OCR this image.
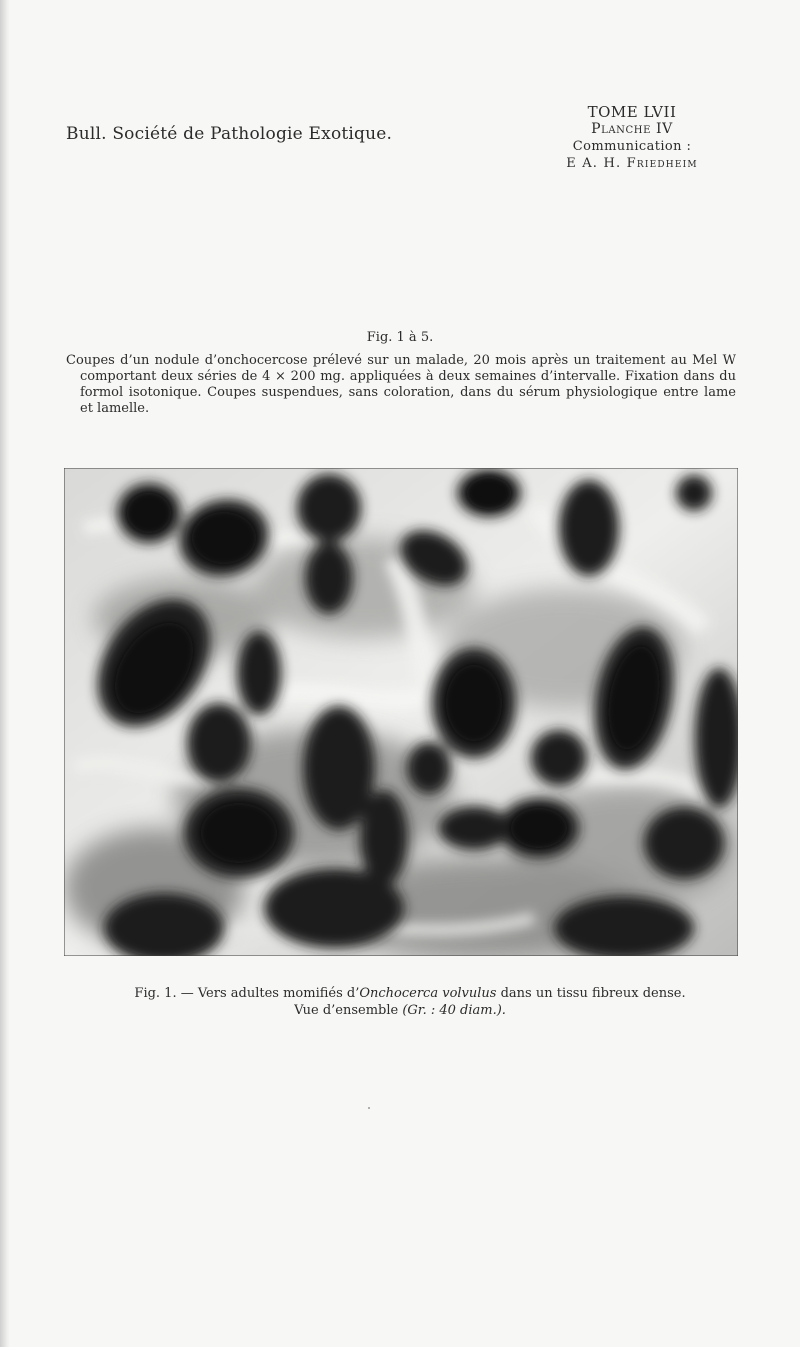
Bull. Société de Pathologie Exotique.
TOME LVII
Planche IV
Communication :
E A. H. Friedheim
Fig. 1 à 5.

Coupes d’un nodule d’onchocercose prélevé sur un malade, 20 mois après un traitement au Mel W comportant deux séries de 4 × 200 mg. appliquées à deux semaines d’intervalle. Fixation dans du formol isotonique. Coupes suspendues, sans coloration, dans du sérum physiologique entre lame et lamelle.

Fig. 1. — Vers adultes momifiés d’Onchocerca volvulus dans un tissu fibreux dense.
Vue d’ensemble (Gr. : 40 diam.).
